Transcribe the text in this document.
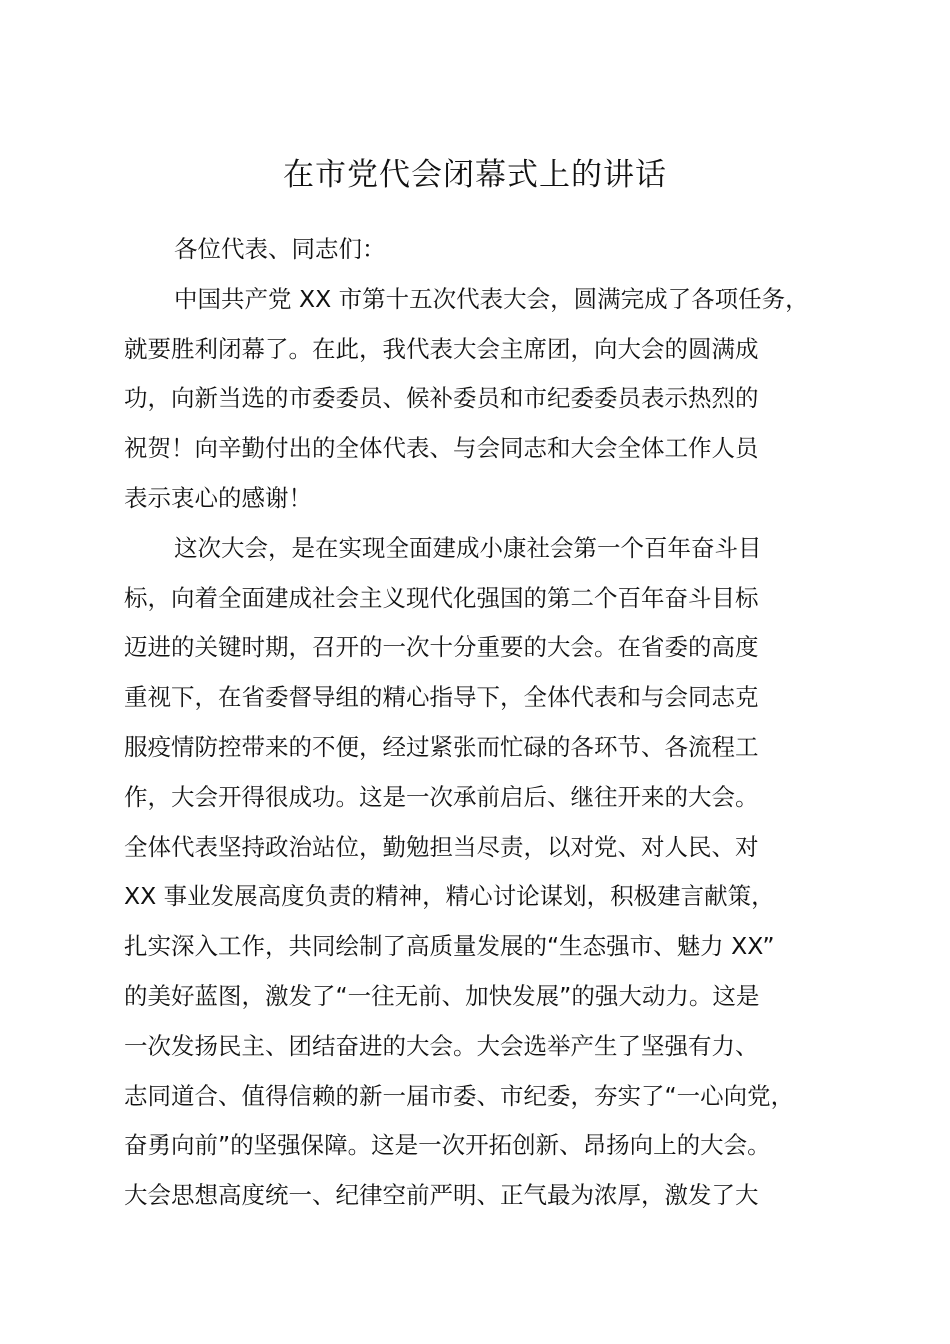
在市党代会闭幕式上的讲话
各位代表、同志们：
中国共产党 XX 市第十五次代表大会，圆满完成了各项任务，
就要胜利闭幕了。在此，我代表大会主席团，向大会的圆满成
功，向新当选的市委委员、候补委员和市纪委委员表示热烈的
祝贺！向辛勤付出的全体代表、与会同志和大会全体工作人员
表示衷心的感谢！
这次大会，是在实现全面建成小康社会第一个百年奋斗目
标，向着全面建成社会主义现代化强国的第二个百年奋斗目标
迈进的关键时期，召开的一次十分重要的大会。在省委的高度
重视下，在省委督导组的精心指导下，全体代表和与会同志克
服疫情防控带来的不便，经过紧张而忙碌的各环节、各流程工
作，大会开得很成功。这是一次承前启后、继往开来的大会。
全体代表坚持政治站位，勤勉担当尽责，以对党、对人民、对
XX 事业发展高度负责的精神，精心讨论谋划，积极建言献策，
扎实深入工作，共同绘制了高质量发展的“生态强市、魅力 XX”
的美好蓝图，激发了“一往无前、加快发展”的强大动力。这是
一次发扬民主、团结奋进的大会。大会选举产生了坚强有力、
志同道合、值得信赖的新一届市委、市纪委，夯实了“一心向党，
奋勇向前”的坚强保障。这是一次开拓创新、昂扬向上的大会。
大会思想高度统一、纪律空前严明、正气最为浓厚，激发了大
